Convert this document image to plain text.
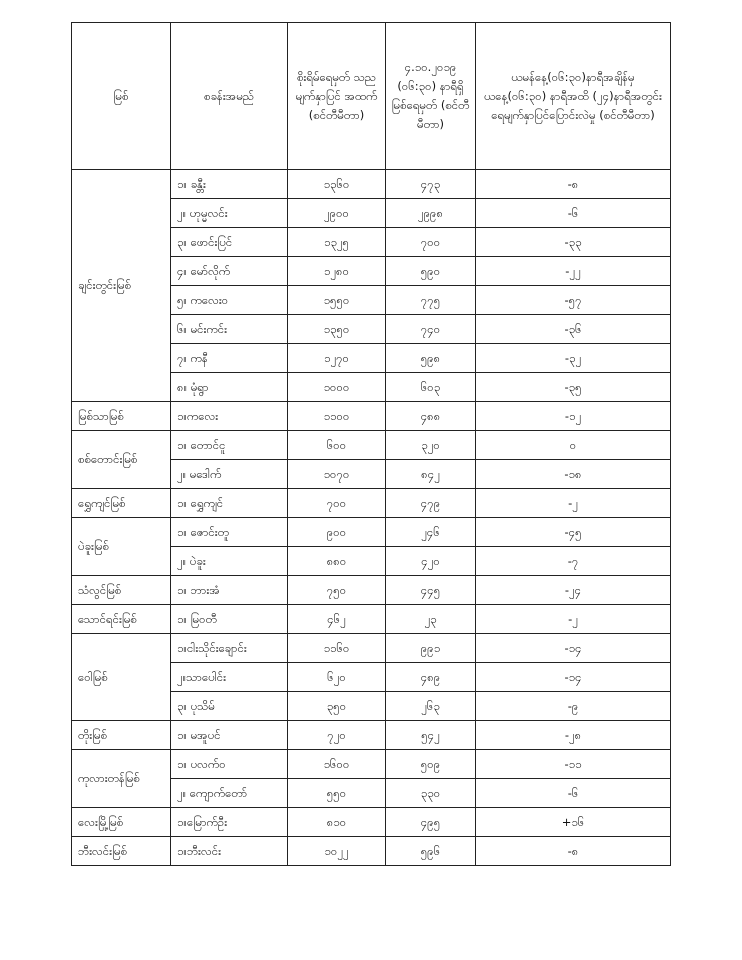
မြစ်	စခန်းအမည်	စိုးရိမ်ရေမှတ် သည မျက်နှာပြင် အထက် (စင်တီမီတာ)	၄.၁၀.၂၀၁၉ (၀၆:၃၀) နာရီရှိ မြစ်ရေမှတ် (စင်တီမီတာ)	ယမန်နေ့(၀၆:၃၀)နာရီအချိန်မှ ယနေ့(၀၆:၃၀) နာရီအထိ (၂၄)နာရီအတွင်း ရေမျက်နှာပြင်ပြောင်းလဲမှု (စင်တီမီတာ)
ချင်းတွင်းမြစ်	၁။ ခန္တီး	၁၃၆၀	၄၇၃	-၈
	၂။ ဟုမ္မလင်း	၂၉၀၀	၂၉၉၈	-၆
	၃။ ဖောင်းပြင်	၁၃၂၅	၇၀၀	-၃၃
	၄။ မော်လိုက်	၁၂၈၀	၅၉၀	-၂၂
	၅။ ကလေးဝ	၁၅၅၀	၇၇၅	-၅၇
	၆။ မင်းကင်း	၁၃၅၀	၇၄၀	-၃၆
	၇။ ကနီ	၁၂၇၀	၅၉၈	-၃၂
	၈။ မုံရွာ	၁၀၀၀	၆၀၃	-၃၅
မြစ်သာမြစ်	၁။ကလေး	၁၁၀၀	၄၈၈	-၁၂
စစ်တောင်းမြစ်	၁။ တောင်ငူ	၆၀၀	၃၂၀	၀
	၂။ မဒေါက်	၁၀၇၀	၈၄၂	-၁၈
ရွှေကျင်မြစ်	၁။ ရွှေကျင်	၇၀၀	၄၇၉	-၂
ပဲခူးမြစ်	၁။ ဇောင်းတူ	၉၀၀	၂၄၆	-၄၅
	၂။ ပဲခူး	၈၈၀	၄၂၀	-၇
သံလွင်မြစ်	၁။ ဘားအံ	၇၅၀	၄၄၅	-၂၄
သောင်ရင်းမြစ်	၁။ မြဝတီ	၄၆၂	၂၃	-၂
ဝေါမြစ်	၁။ငါးသိုင်းချောင်း	၁၁၆၀	၉၉၁	-၁၄
	၂။သာပေါင်း	၆၂၀	၄၈၉	-၁၄
	၃။ ပုသိမ်	၃၅၀	၂၆၃	-၉
တိုးမြစ်	၁။ မအူပင်	၇၂၀	၅၄၂	-၂၈
ကုလားတန်မြစ်	၁။ ပလက်ဝ	၁၆၀၀	၅၀၉	-၁၁
	၂။ ကျောက်တော်	၅၅၀	၃၃၀	-၆
လေးမြို့မြစ်	၁။မြောက်ဦး	၈၁၀	၄၉၅	+၁၆
ဘီးလင်းမြစ်	၁။ဘီးလင်း	၁၀၂၂	၅၉၆	-၈
